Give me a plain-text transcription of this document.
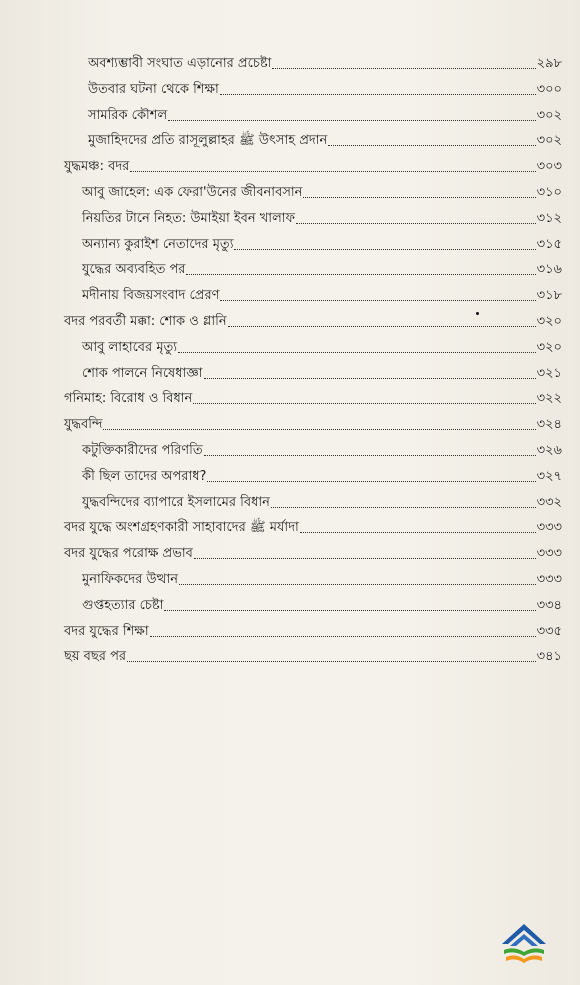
অবশ্যম্ভাবী সংঘাত এড়ানোর প্রচেষ্টা	২৯৮
উতবার ঘটনা থেকে শিক্ষা	৩০০
সামরিক কৌশল	৩০২
মুজাহিদদের প্রতি রাসূলুল্লাহর ﷺ উৎসাহ প্রদান	৩০২
যুদ্ধমঞ্চ: বদর	৩০৩
আবু জাহেল: এক ফেরা'উনের জীবনাবসান	৩১০
নিয়তির টানে নিহত: উমাইয়া ইবন খালাফ	৩১২
অন্যান্য কুরাইশ নেতাদের মৃত্যু	৩১৫
যুদ্ধের অব্যবহিত পর	৩১৬
মদীনায় বিজয়সংবাদ প্রেরণ	৩১৮
বদর পরবর্তী মক্কা: শোক ও গ্লানি	৩২০
আবু লাহাবের মৃত্যু	৩২০
শোক পালনে নিষেধাজ্ঞা	৩২১
গনিমাহ: বিরোধ ও বিধান	৩২২
যুদ্ধবন্দি	৩২৪
কটুক্তিকারীদের পরিণতি	৩২৬
কী ছিল তাদের অপরাধ?	৩২৭
যুদ্ধবন্দিদের ব্যাপারে ইসলামের বিধান	৩৩২
বদর যুদ্ধে অংশগ্রহণকারী সাহাবাদের ﷺ মর্যাদা	৩৩৩
বদর যুদ্ধের পরোক্ষ প্রভাব	৩৩৩
মুনাফিকদের উত্থান	৩৩৩
গুপ্তহত্যার চেষ্টা	৩৩৪
বদর যুদ্ধের শিক্ষা	৩৩৫
ছয় বছর পর	৩৪১
